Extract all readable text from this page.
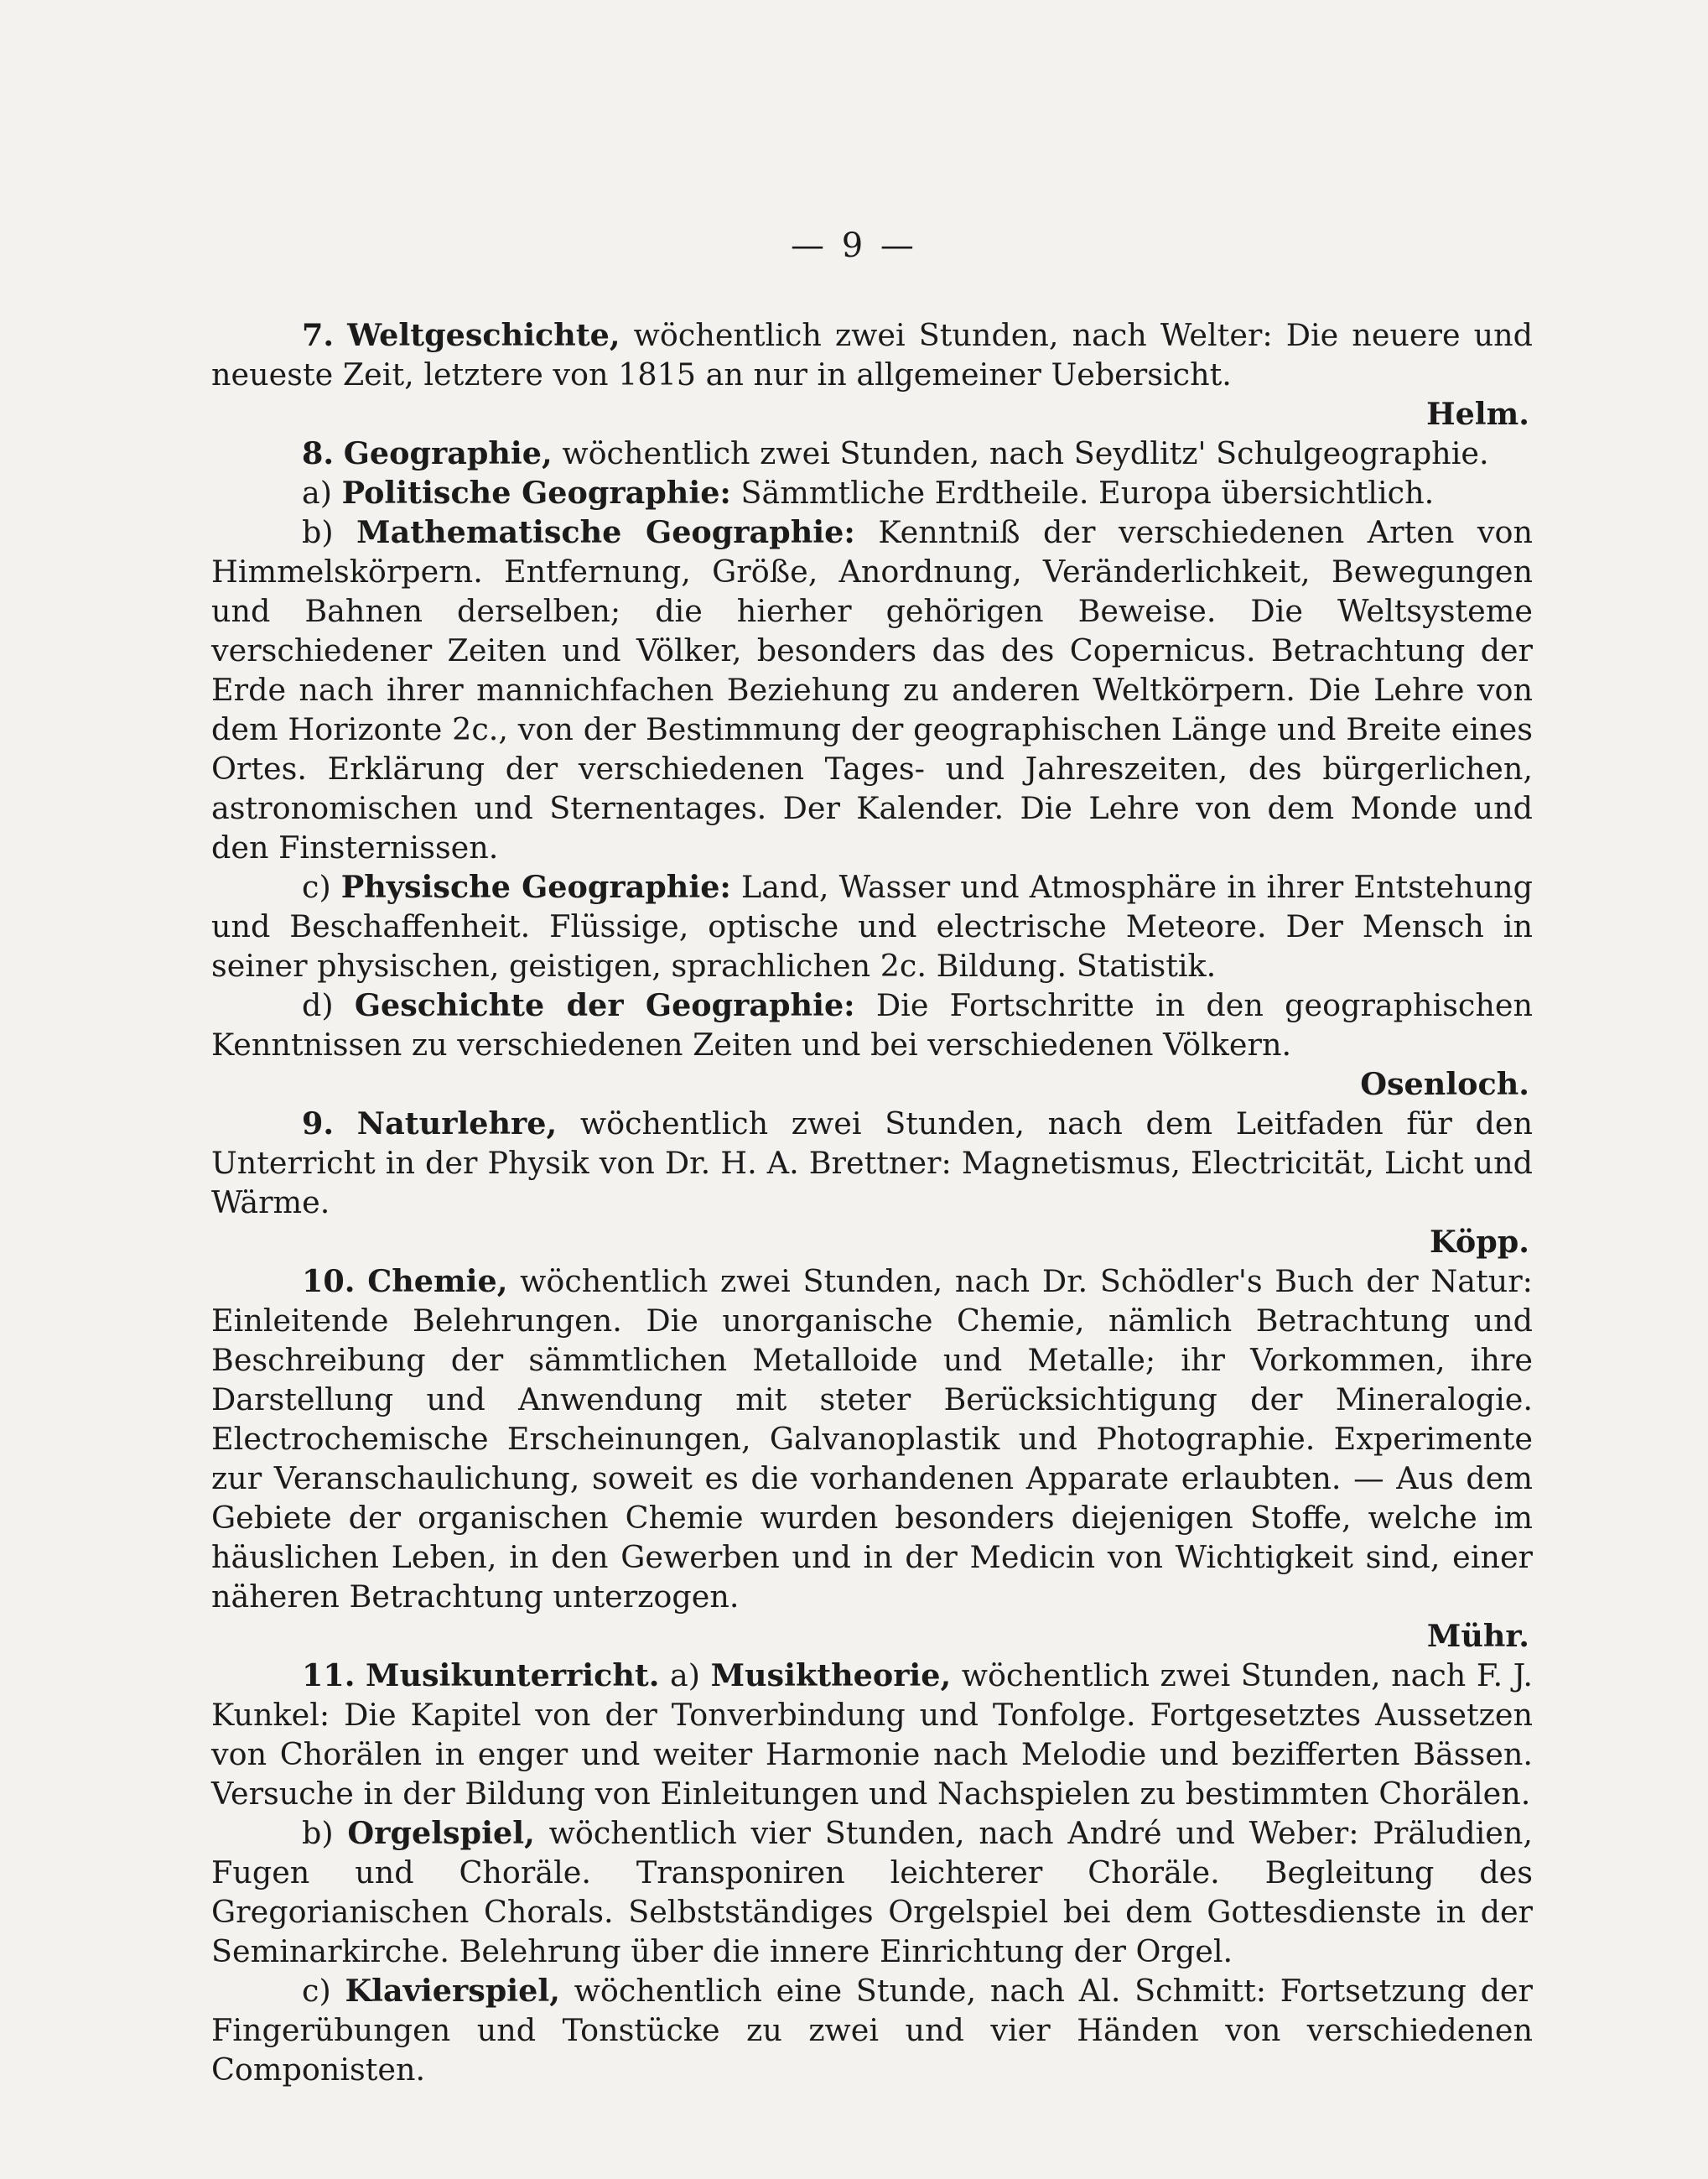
— 9 —

7. Weltgeschichte, wöchentlich zwei Stunden, nach Welter: Die neuere und neueste Zeit, letztere von 1815 an nur in allgemeiner Uebersicht.

Helm.

8. Geographie, wöchentlich zwei Stunden, nach Seydlitz' Schulgeographie.

a) Politische Geographie: Sämmtliche Erdtheile. Europa übersichtlich.

b) Mathematische Geographie: Kenntniß der verschiedenen Arten von Himmelskörpern. Entfernung, Größe, Anordnung, Veränderlichkeit, Bewegungen und Bahnen derselben; die hierher gehörigen Beweise. Die Weltsysteme verschiedener Zeiten und Völker, besonders das des Copernicus. Betrachtung der Erde nach ihrer mannichfachen Beziehung zu anderen Weltkörpern. Die Lehre von dem Horizonte 2c., von der Bestimmung der geographischen Länge und Breite eines Ortes. Erklärung der verschiedenen Tages- und Jahreszeiten, des bürgerlichen, astronomischen und Sternentages. Der Kalender. Die Lehre von dem Monde und den Finsternissen.

c) Physische Geographie: Land, Wasser und Atmosphäre in ihrer Entstehung und Beschaffenheit. Flüssige, optische und electrische Meteore. Der Mensch in seiner physischen, geistigen, sprachlichen 2c. Bildung. Statistik.

d) Geschichte der Geographie: Die Fortschritte in den geographischen Kenntnissen zu verschiedenen Zeiten und bei verschiedenen Völkern.

Osenloch.

9. Naturlehre, wöchentlich zwei Stunden, nach dem Leitfaden für den Unterricht in der Physik von Dr. H. A. Brettner: Magnetismus, Electricität, Licht und Wärme.

Köpp.

10. Chemie, wöchentlich zwei Stunden, nach Dr. Schödler's Buch der Natur: Einleitende Belehrungen. Die unorganische Chemie, nämlich Betrachtung und Beschreibung der sämmtlichen Metalloide und Metalle; ihr Vorkommen, ihre Darstellung und Anwendung mit steter Berücksichtigung der Mineralogie. Electrochemische Erscheinungen, Galvanoplastik und Photographie. Experimente zur Veranschaulichung, soweit es die vorhandenen Apparate erlaubten. — Aus dem Gebiete der organischen Chemie wurden besonders diejenigen Stoffe, welche im häuslichen Leben, in den Gewerben und in der Medicin von Wichtigkeit sind, einer näheren Betrachtung unterzogen.

Mühr.

11. Musikunterricht. a) Musiktheorie, wöchentlich zwei Stunden, nach F. J. Kunkel: Die Kapitel von der Tonverbindung und Tonfolge. Fortgesetztes Aussetzen von Chorälen in enger und weiter Harmonie nach Melodie und bezifferten Bässen. Versuche in der Bildung von Einleitungen und Nachspielen zu bestimmten Chorälen.

b) Orgelspiel, wöchentlich vier Stunden, nach André und Weber: Präludien, Fugen und Choräle. Transponiren leichterer Choräle. Begleitung des Gregorianischen Chorals. Selbstständiges Orgelspiel bei dem Gottesdienste in der Seminarkirche. Belehrung über die innere Einrichtung der Orgel.

c) Klavierspiel, wöchentlich eine Stunde, nach Al. Schmitt: Fortsetzung der Fingerübungen und Tonstücke zu zwei und vier Händen von verschiedenen Componisten.
